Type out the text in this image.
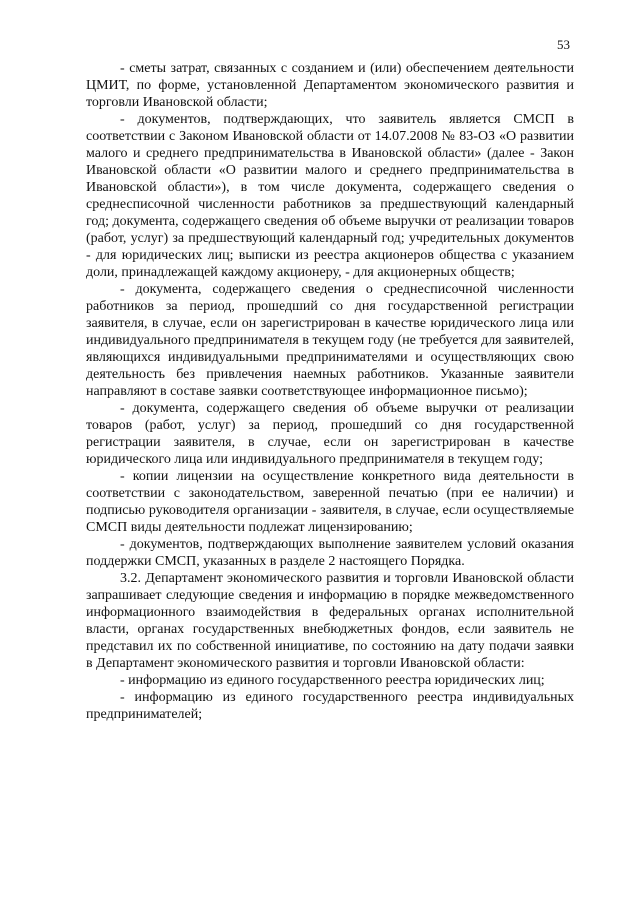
53

- сметы затрат, связанных с созданием и (или) обеспечением деятельности ЦМИТ, по форме, установленной Департаментом экономического развития и торговли Ивановской области;

- документов, подтверждающих, что заявитель является СМСП в соответствии с Законом Ивановской области от 14.07.2008 № 83-ОЗ «О развитии малого и среднего предпринимательства в Ивановской области» (далее - Закон Ивановской области «О развитии малого и среднего предпринимательства в Ивановской области»), в том числе документа, содержащего сведения о среднесписочной численности работников за предшествующий календарный год; документа, содержащего сведения об объеме выручки от реализации товаров (работ, услуг) за предшествующий календарный год; учредительных документов - для юридических лиц; выписки из реестра акционеров общества с указанием доли, принадлежащей каждому акционеру, - для акционерных обществ;

- документа, содержащего сведения о среднесписочной численности работников за период, прошедший со дня государственной регистрации заявителя, в случае, если он зарегистрирован в качестве юридического лица или индивидуального предпринимателя в текущем году (не требуется для заявителей, являющихся индивидуальными предпринимателями и осуществляющих свою деятельность без привлечения наемных работников. Указанные заявители направляют в составе заявки соответствующее информационное письмо);

- документа, содержащего сведения об объеме выручки от реализации товаров (работ, услуг) за период, прошедший со дня государственной регистрации заявителя, в случае, если он зарегистрирован в качестве юридического лица или индивидуального предпринимателя в текущем году;

- копии лицензии на осуществление конкретного вида деятельности в соответствии с законодательством, заверенной печатью (при ее наличии) и подписью руководителя организации - заявителя, в случае, если осуществляемые СМСП виды деятельности подлежат лицензированию;

- документов, подтверждающих выполнение заявителем условий оказания поддержки СМСП, указанных в разделе 2 настоящего Порядка.

3.2. Департамент экономического развития и торговли Ивановской области запрашивает следующие сведения и информацию в порядке межведомственного информационного взаимодействия в федеральных органах исполнительной власти, органах государственных внебюджетных фондов, если заявитель не представил их по собственной инициативе, по состоянию на дату подачи заявки в Департамент экономического развития и торговли Ивановской области:

- информацию из единого государственного реестра юридических лиц;

- информацию из единого государственного реестра индивидуальных предпринимателей;
